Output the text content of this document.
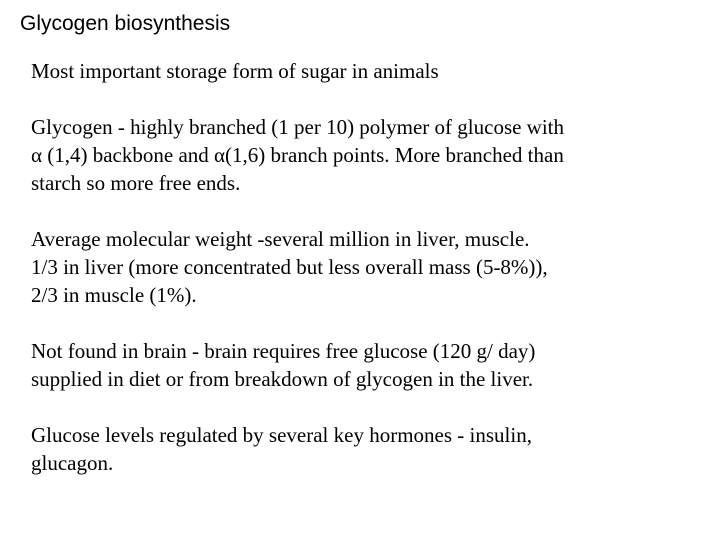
Glycogen biosynthesis

Most important storage form of sugar in animals

Glycogen - highly branched (1 per 10) polymer of glucose with
α (1,4) backbone and α(1,6) branch points. More branched than
starch so more free ends.

Average molecular weight -several million in liver, muscle.
1/3 in liver (more concentrated but less overall mass (5-8%)),
2/3 in muscle (1%).

Not found in brain - brain requires free glucose (120 g/ day)
supplied in diet or from breakdown of glycogen in the liver.

Glucose levels regulated by several key hormones - insulin,
glucagon.
